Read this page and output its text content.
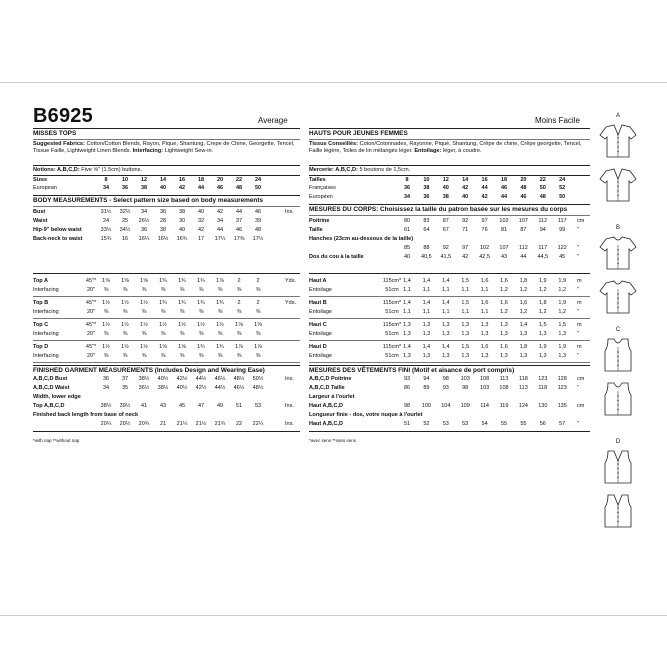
B6925	Average	Moins Facile
MISSES TOPS
Suggested Fabrics: Cotton/Cotton Blends, Rayon, Pique, Shantung, Crepe de Chine, Georgette, Tencel, Tissue Faille, Lightweight Linen Blends. Interfacing: Lightweight Sew-in.
Notions: A,B,C,D: Five ⅝" (1.5cm) buttons.
Sizes	8	10	12	14	16	18	20	22	24
European	34	36	38	40	42	44	46	48	50
BODY MEASUREMENTS - Select pattern size based on body measurements
Bust	31½	32½	34	36	38	40	42	44	46	Ins.
Waist	24	25	26½	28	30	32	34	37	39
Hip-9" below waist	33½	34½	36	38	40	42	44	46	48
Back-neck to waist	15¾	16	16¼	16½	16¾	17	17¼	17⅜	17½
Top A	45"*	1⅝	1⅝	1⅝	1¾	1¾	1¾	1⅞	2	2	Yds.
Interfacing	20"	⅜	⅜	⅜	⅜	⅜	⅜	⅜	⅜	⅜
Top B	45"*	1½	1½	1½	1¾	1¾	1¾	1¾	2	2	Yds.
Interfacing	20"	⅜	⅜	⅜	⅜	⅜	⅜	⅜	⅜	⅜
Top C	45"*	1½	1½	1½	1½	1½	1½	1½	1⅝	1⅝
Interfacing	20"	⅜	⅜	⅜	⅜	⅜	⅜	⅜	⅜	⅜
Top D	45"*	1½	1½	1½	1⅝	1⅝	1¾	1¾	1⅞	1⅞
Interfacing	20"	⅜	⅜	⅜	⅜	⅜	⅜	⅜	⅜	⅜
FINISHED GARMENT MEASUREMENTS (Includes Design and Wearing Ease)
A,B,C,D Bust	36	37	38½	40½	42½	44½	46½	48½	50½	Ins.
A,B,C,D Waist	34	35	36½	38½	40½	42½	44½	46½	48½
Width, lower edge
Top A,B,C,D	38½	39½	41	43	45	47	49	51	53	Ins.
Finished back length from base of neck
20¼	20½	20¾	21	21¼	21½	21¾	22	22¼	Ins.
*with nap **without nap
HAUTS POUR JEUNES FEMMES
Tissus Conseillés: Coton/Cotonnades, Rayonne, Piqué, Shantung, Crêpe de chine, Crêpe georgette, Tencel, Faille légère, Toiles de lin mélangés léger. Entoilage: léger, à coudre.
Mercerie: A,B,C,D: 5 boutons de 1,5cm.
Tailles	8	10	12	14	16	18	20	22	24
Françaises	36	38	40	42	44	46	48	50	52
Européen	34	36	38	40	42	44	46	48	50
MESURES DU CORPS: Choisissez la taille du patron basée sur les mesures du corps
Poitrine	80	83	87	92	97	102	107	112	117	cm
Taille	61	64	67	71	76	81	87	94	99	"
Hanches (23cm au-dessous de la taille)
85	88	92	97	102	107	112	117	122	"
Dos du cou à la taille	40	40,5	41,5	42	42,5	43	44	44,5	45	"
Haut A	115cm* 1,4	1,4	1,4	1,5	1,6	1,6	1,8	1,9	1,9	m
Entoilage	51cm 1,1	1,1	1,1	1,1	1,1	1,2	1,2	1,2	1,2	"
Haut B	115cm* 1,4	1,4	1,4	1,5	1,6	1,6	1,6	1,8	1,9	m
Entoilage	51cm 1,1	1,1	1,1	1,1	1,1	1,2	1,2	1,2	1,2	"
Haut C	115cm* 1,3	1,3	1,3	1,3	1,3	1,3	1,4	1,5	1,5	m
Entoilage	51cm 1,3	1,3	1,3	1,3	1,3	1,3	1,3	1,3	1,3	"
Haut D	115cm* 1,4	1,4	1,4	1,5	1,6	1,6	1,8	1,9	1,9	m
Entoilage	51cm 1,3	1,3	1,3	1,3	1,3	1,3	1,3	1,3	1,3	"
MESURES DES VÊTEMENTS FINI (Motif et aisance de port compris)
A,B,C,D Poitrine	93	94	98	103	108	113	118	123	128	cm
A,B,C,D Taille	86	89	93	98	103	108	113	118	123	"
Largeur à l'ourlet
Haut A,B,C,D	98	100	104	109	114	119	124	130	135	cm
Longueur finie - dos, votre nuque à l'ourlet
Haut A,B,C,D	51	52	53	53	54	55	55	56	57	"
*avec sens **sans sens
A
B
C
D
